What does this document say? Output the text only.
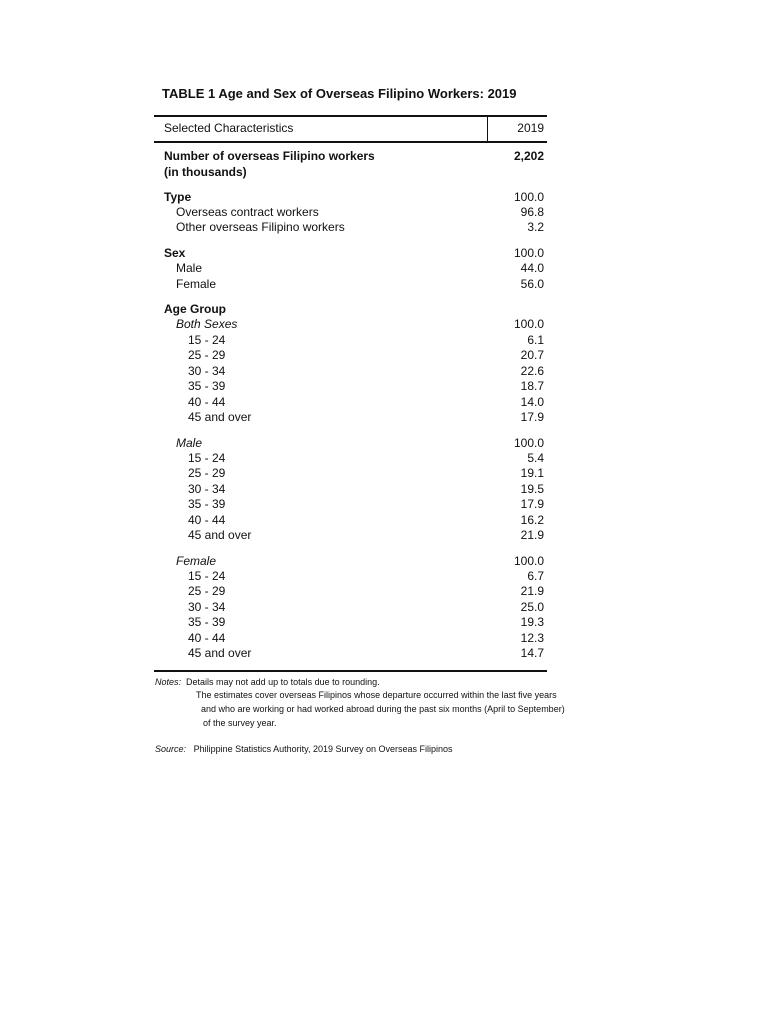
TABLE 1 Age and Sex of Overseas Filipino Workers: 2019
Selected Characteristics	2019
Number of overseas Filipino workers	2,202
(in thousands)
Type	100.0
Overseas contract workers	96.8
Other overseas Filipino workers	3.2
Sex	100.0
Male	44.0
Female	56.0
Age Group
Both Sexes	100.0
15 - 24	6.1
25 - 29	20.7
30 - 34	22.6
35 - 39	18.7
40 - 44	14.0
45 and over	17.9
Male	100.0
15 - 24	5.4
25 - 29	19.1
30 - 34	19.5
35 - 39	17.9
40 - 44	16.2
45 and over	21.9
Female	100.0
15 - 24	6.7
25 - 29	21.9
30 - 34	25.0
35 - 39	19.3
40 - 44	12.3
45 and over	14.7
Notes: Details may not add up to totals due to rounding.
The estimates cover overseas Filipinos whose departure occurred within the last five years
and who are working or had worked abroad during the past six months (April to September)
of the survey year.
Source: Philippine Statistics Authority, 2019 Survey on Overseas Filipinos
